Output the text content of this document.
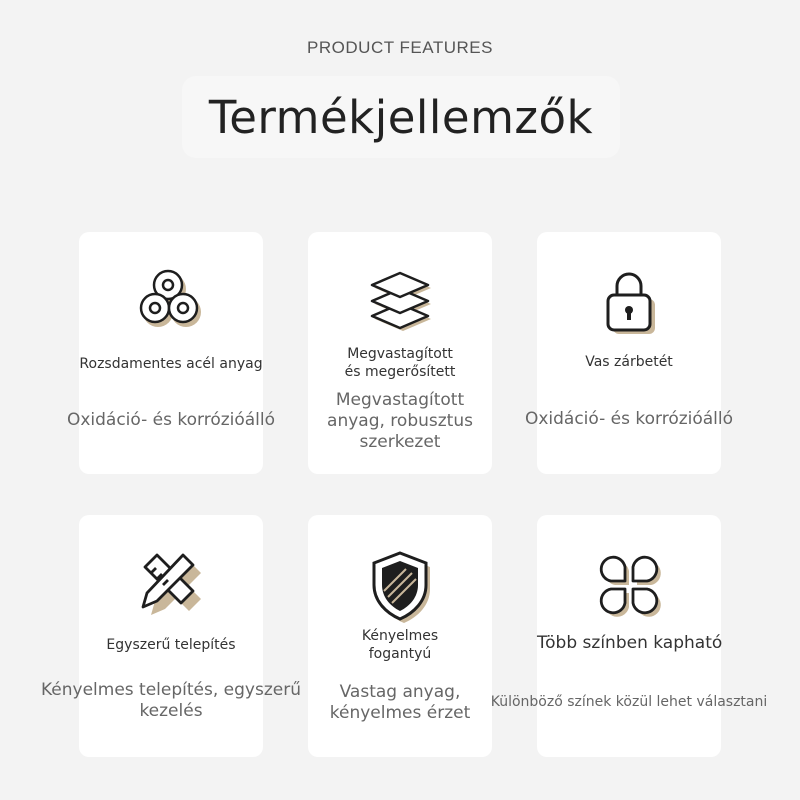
PRODUCT FEATURES
Termékjellemzők
Rozsdamentes acél anyag
Oxidáció- és korrózióálló
Megvastagított
és megerősített
Megvastagított
anyag, robusztus
szerkezet
Vas zárbetét
Oxidáció- és korrózióálló
Egyszerű telepítés
Kényelmes telepítés, egyszerű
kezelés
Kényelmes
fogantyú
Vastag anyag,
kényelmes érzet
Több színben kapható
Különböző színek közül lehet választani
